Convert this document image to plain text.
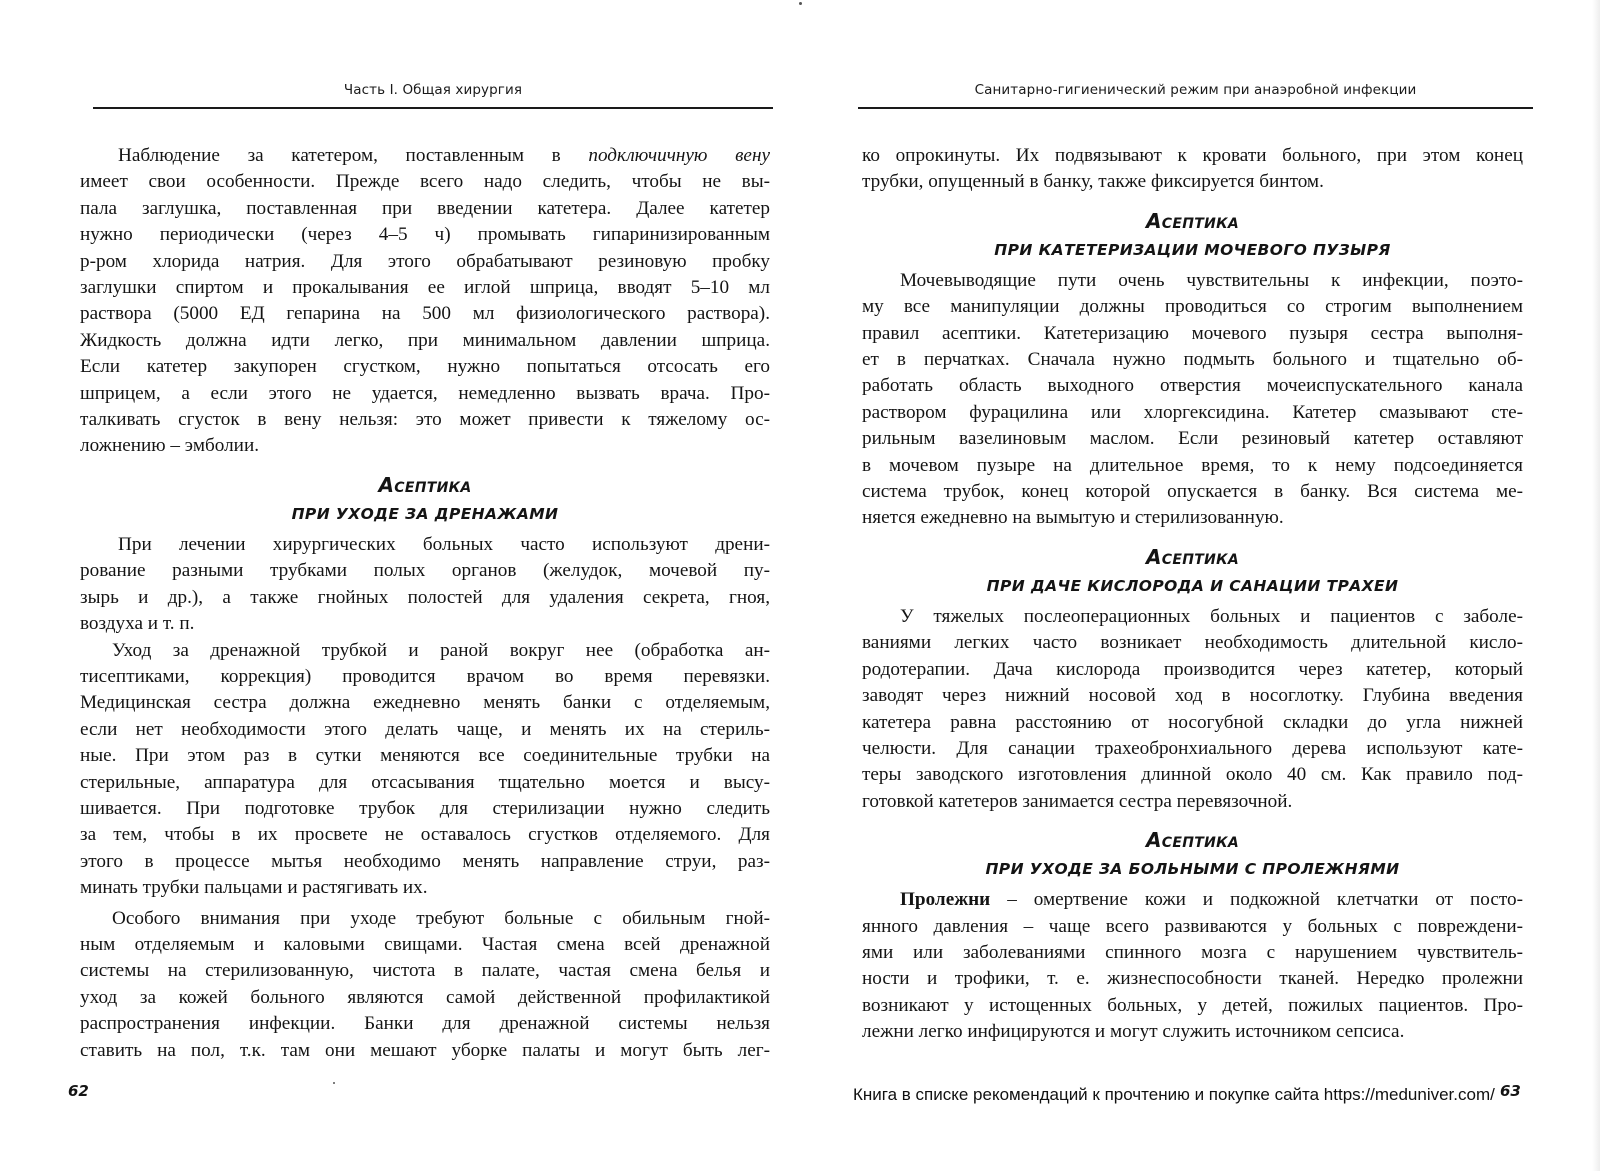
Часть I. Общая хирургия
Наблюдение за катетером, поставленным в подключичную вену
имеет свои особенности. Прежде всего надо следить, чтобы не вы-
пала заглушка, поставленная при введении катетера. Далее катетер
нужно периодически (через 4–5 ч) промывать гипаринизированным
р-ром хлорида натрия. Для этого обрабатывают резиновую пробку
заглушки спиртом и прокалывания ее иглой шприца, вводят 5–10 мл
раствора (5000 ЕД гепарина на 500 мл физиологического раствора).
Жидкость должна идти легко, при минимальном давлении шприца.
Если катетер закупорен сгустком, нужно попытаться отсосать его
шприцем, а если этого не удается, немедленно вызвать врача. Про-
талкивать сгусток в вену нельзя: это может привести к тяжелому ос-
ложнению – эмболии.
Асептика
ПРИ УХОДЕ ЗА ДРЕНАЖАМИ
При лечении хирургических больных часто используют дрени-
рование разными трубками полых органов (желудок, мочевой пу-
зырь и др.), а также гнойных полостей для удаления секрета, гноя,
воздуха и т. п.
Уход за дренажной трубкой и раной вокруг нее (обработка ан-
тисептиками, коррекция) проводится врачом во время перевязки.
Медицинская сестра должна ежедневно менять банки с отделяемым,
если нет необходимости этого делать чаще, и менять их на стериль-
ные. При этом раз в сутки меняются все соединительные трубки на
стерильные, аппаратура для отсасывания тщательно моется и высу-
шивается. При подготовке трубок для стерилизации нужно следить
за тем, чтобы в их просвете не оставалось сгустков отделяемого. Для
этого в процессе мытья необходимо менять направление струи, раз-
минать трубки пальцами и растягивать их.
Особого внимания при уходе требуют больные с обильным гной-
ным отделяемым и каловыми свищами. Частая смена всей дренажной
системы на стерилизованную, чистота в палате, частая смена белья и
уход за кожей больного являются самой действенной профилактикой
распространения инфекции. Банки для дренажной системы нельзя
ставить на пол, т.к. там они мешают уборке палаты и могут быть лег-
62
Санитарно-гигиенический режим при анаэробной инфекции
ко опрокинуты. Их подвязывают к кровати больного, при этом конец
трубки, опущенный в банку, также фиксируется бинтом.
Асептика
ПРИ КАТЕТЕРИЗАЦИИ МОЧЕВОГО ПУЗЫРЯ
Мочевыводящие пути очень чувствительны к инфекции, поэто-
му все манипуляции должны проводиться со строгим выполнением
правил асептики. Катетеризацию мочевого пузыря сестра выполня-
ет в перчатках. Сначала нужно подмыть больного и тщательно об-
работать область выходного отверстия мочеиспускательного канала
раствором фурацилина или хлоргексидина. Катетер смазывают сте-
рильным вазелиновым маслом. Если резиновый катетер оставляют
в мочевом пузыре на длительное время, то к нему подсоединяется
система трубок, конец которой опускается в банку. Вся система ме-
няется ежедневно на вымытую и стерилизованную.
Асептика
ПРИ ДАЧЕ КИСЛОРОДА И САНАЦИИ ТРАХЕИ
У тяжелых послеоперационных больных и пациентов с заболе-
ваниями легких часто возникает необходимость длительной кисло-
родотерапии. Дача кислорода производится через катетер, который
заводят через нижний носовой ход в носоглотку. Глубина введения
катетера равна расстоянию от носогубной складки до угла нижней
челюсти. Для санации трахеобронхиального дерева используют кате-
теры заводского изготовления длинной около 40 см. Как правило под-
готовкой катетеров занимается сестра перевязочной.
Асептика
ПРИ УХОДЕ ЗА БОЛЬНЫМИ С ПРОЛЕЖНЯМИ
Пролежни – омертвение кожи и подкожной клетчатки от посто-
янного давления – чаще всего развиваются у больных с повреждени-
ями или заболеваниями спинного мозга с нарушением чувствитель-
ности и трофики, т. е. жизнеспособности тканей. Нередко пролежни
возникают у истощенных больных, у детей, пожилых пациентов. Про-
лежни легко инфицируются и могут служить источником сепсиса.
63
Книга в списке рекомендаций к прочтению и покупке сайта https://meduniver.com/
